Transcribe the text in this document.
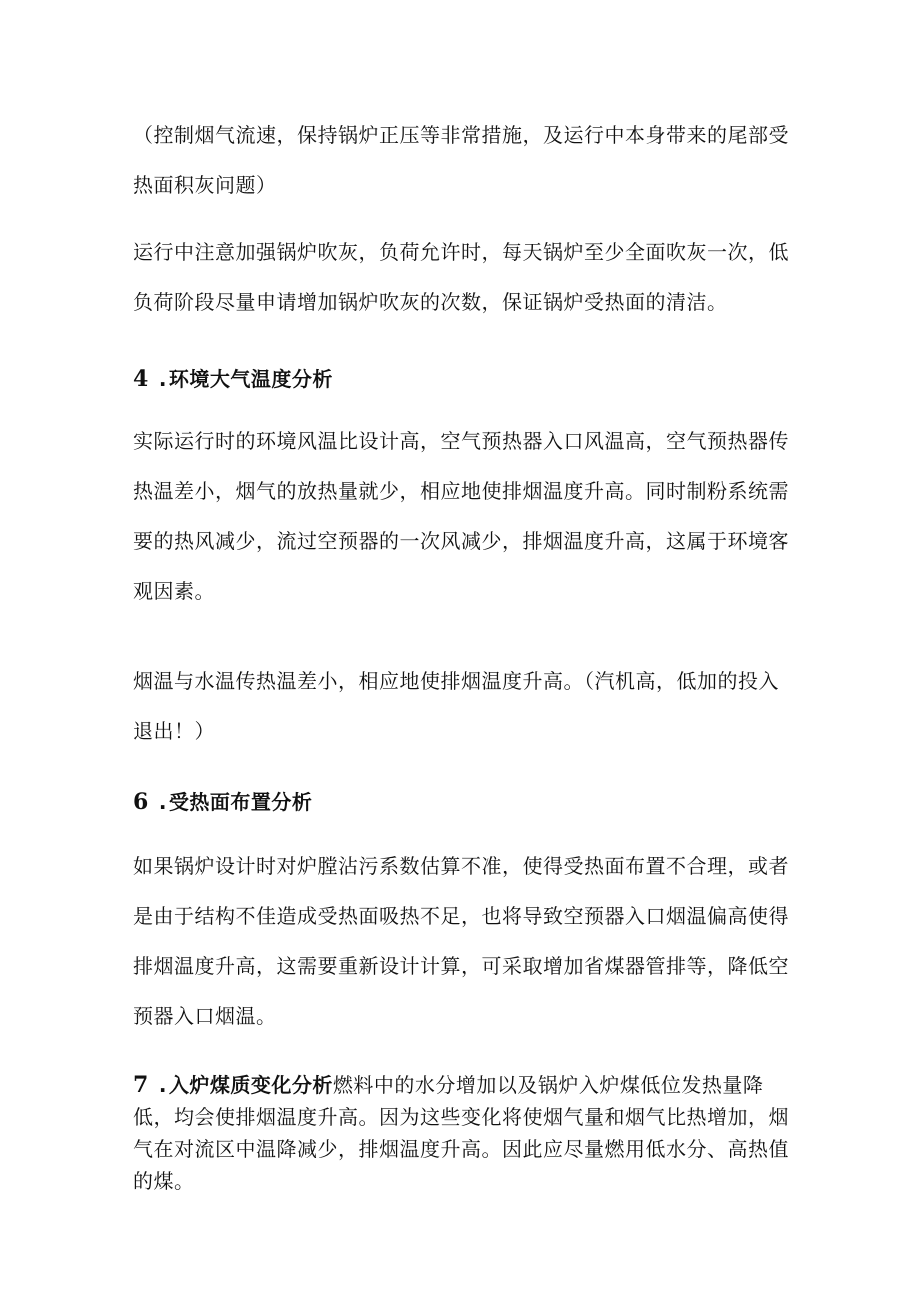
（控制烟气流速，保持锅炉正压等非常措施，及运行中本身带来的尾部受热面积灰问题）
运行中注意加强锅炉吹灰，负荷允许时，每天锅炉至少全面吹灰一次，低负荷阶段尽量申请增加锅炉吹灰的次数，保证锅炉受热面的清洁。
4 . 环境大气温度分析
实际运行时的环境风温比设计高，空气预热器入口风温高，空气预热器传热温差小，烟气的放热量就少，相应地使排烟温度升高。同时制粉系统需要的热风减少，流过空预器的一次风减少，排烟温度升高，这属于环境客观因素。
烟温与水温传热温差小，相应地使排烟温度升高。（汽机高，低加的投入退出！）
6 . 受热面布置分析
如果锅炉设计时对炉膛沾污系数估算不准，使得受热面布置不合理，或者是由于结构不佳造成受热面吸热不足，也将导致空预器入口烟温偏高使得排烟温度升高，这需要重新设计计算，可采取增加省煤器管排等，降低空预器入口烟温。
7 . 入炉煤质变化分析燃料中的水分增加以及锅炉入炉煤低位发热量降低，均会使排烟温度升高。因为这些变化将使烟气量和烟气比热增加，烟气在对流区中温降减少，排烟温度升高。因此应尽量燃用低水分、高热值的煤。
